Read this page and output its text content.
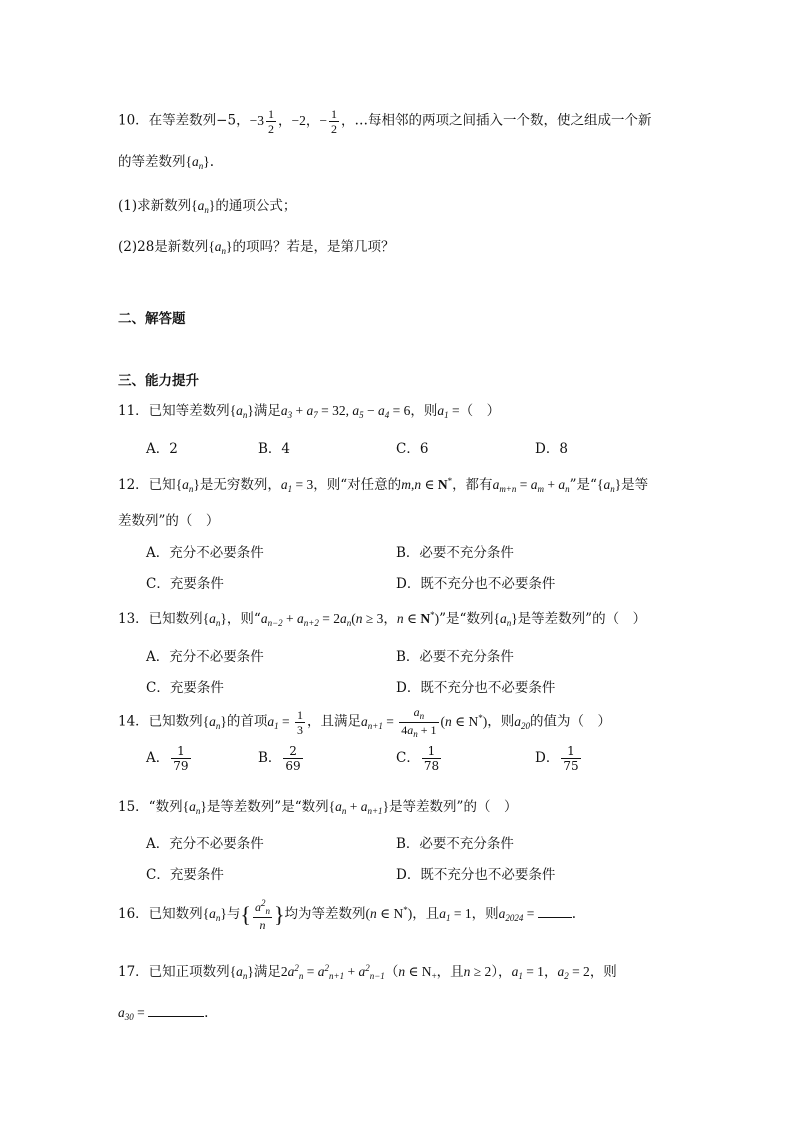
10．在等差数列−5，$-3 \frac{1}{2}$ ，−2，− $\frac{1}{2}$ ，…每相邻的两项之间插入一个数，使之组成一个新
的等差数列$\{a_n\}$.
(1)求新数列$\{a_n\}$的通项公式；
(2)28是新数列$\{a_n\}$的项吗？若是，是第几项？
二、解答题
三、能力提升
11．已知等差数列$\{a_n\}$满足$a_3 + a_7 = 32$, $a_5 - a_4 = 6$，则$a_1$ =（　）
A．2	B．4	C．6	D．8
12．已知$\{a_n\}$是无穷数列，$a_1 = 3$，则“对任意的m,n ∈ N*，都有$a_{m+n} = a_m + a_n$”是“$\{a_n\}$是等
差数列”的（　）
A．充分不必要条件	B．必要不充分条件
C．充要条件	D．既不充分也不必要条件
13．已知数列$\{a_n\}$，则“$a_{n-2} + a_{n+2} = 2a_n(n \ge 3$，n ∈ N*)”是“数列$\{a_n\}$是等差数列”的（　）
A．充分不必要条件	B．必要不充分条件
C．充要条件	D．既不充分也不必要条件
14．已知数列$\{a_n\}$的首项$a_1 = \frac{1}{3}$ ，且满足$a_{n+1} = \frac{a_n}{4a_n + 1} (n$ ∈ N*)，则$a_{20}$的值为（　）
A． $\frac{1}{79}$	B． $\frac{2}{69}$	C． $\frac{1}{78}$	D． $\frac{1}{75}$
15．“数列$\{a_n\}$是等差数列”是“数列$\{a_n + a_{n+1}\}$是等差数列”的（　）
A．充分不必要条件	B．必要不充分条件
C．充要条件	D．既不充分也不必要条件
16．已知数列$\{a_n\}$与{ $\frac{a^2_n}{n}$ }均为等差数列(n ∈ N*)，且$a_1 = 1$，则$a_{2024}$ =	.
17．已知正项数列$\{a_n\}$满足$2a^2_n = a^2_{n+1} + a^2_{n-1}(n$ ∈ $N_+$，且n ≥ 2），$a_1 = 1$，$a_2 = 2$，则
$a_{30}$ =	.
